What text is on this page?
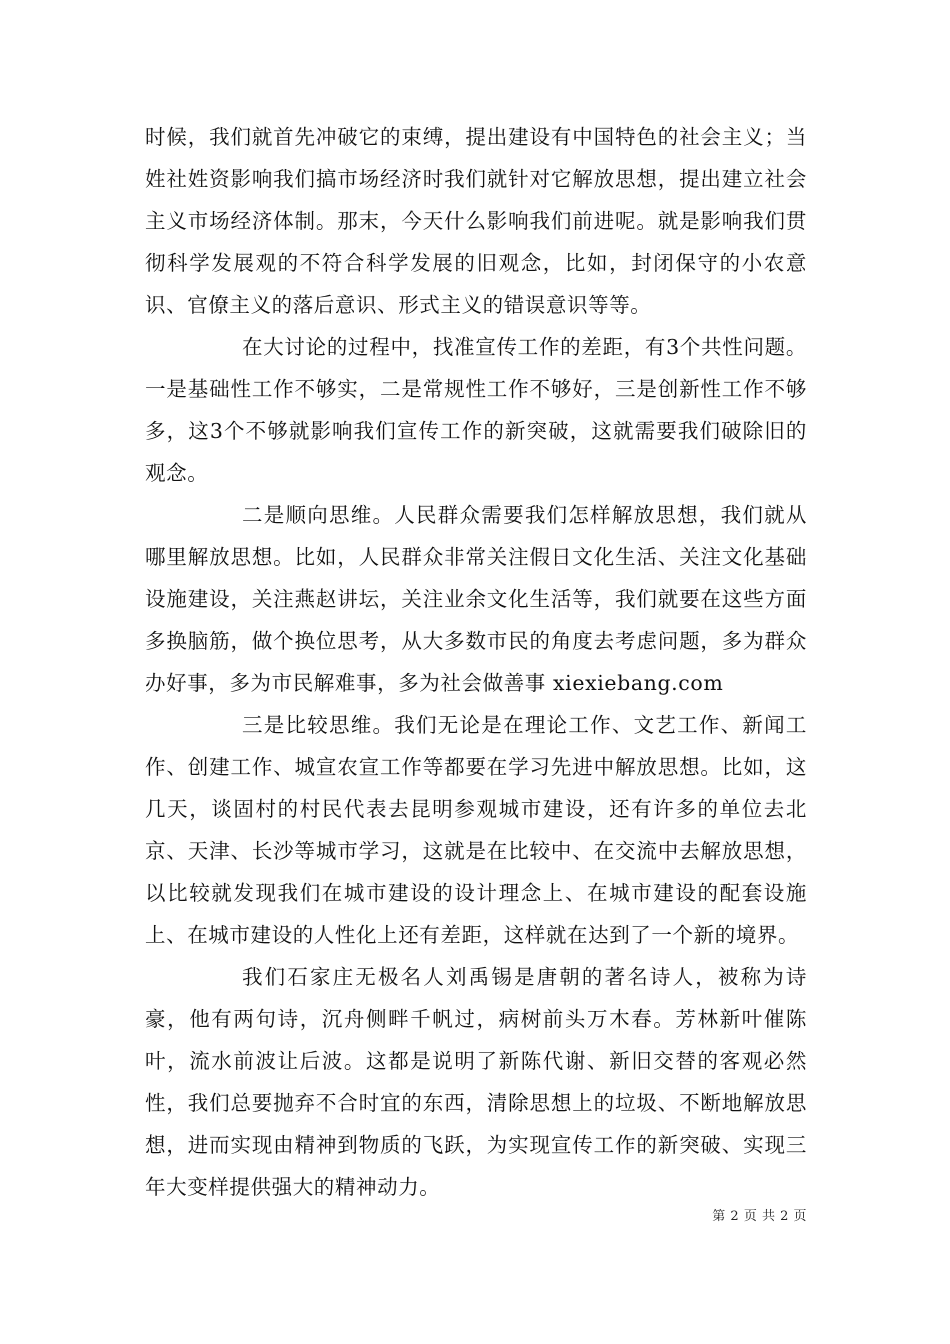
时候，我们就首先冲破它的束缚，提出建设有中国特色的社会主义；当姓社姓资影响我们搞市场经济时我们就针对它解放思想，提出建立社会主义市场经济体制。那末，今天什么影响我们前进呢。就是影响我们贯彻科学发展观的不符合科学发展的旧观念，比如，封闭保守的小农意识、官僚主义的落后意识、形式主义的错误意识等等。

在大讨论的过程中，找准宣传工作的差距，有3个共性问题。一是基础性工作不够实，二是常规性工作不够好，三是创新性工作不够多，这3个不够就影响我们宣传工作的新突破，这就需要我们破除旧的观念。

二是顺向思维。人民群众需要我们怎样解放思想，我们就从哪里解放思想。比如，人民群众非常关注假日文化生活、关注文化基础设施建设，关注燕赵讲坛，关注业余文化生活等，我们就要在这些方面多换脑筋，做个换位思考，从大多数市民的角度去考虑问题，多为群众办好事，多为市民解难事，多为社会做善事 xiexiebang.com

三是比较思维。我们无论是在理论工作、文艺工作、新闻工作、创建工作、城宣农宣工作等都要在学习先进中解放思想。比如，这几天，谈固村的村民代表去昆明参观城市建设，还有许多的单位去北京、天津、长沙等城市学习，这就是在比较中、在交流中去解放思想，以比较就发现我们在城市建设的设计理念上、在城市建设的配套设施上、在城市建设的人性化上还有差距，这样就在达到了一个新的境界。

我们石家庄无极名人刘禹锡是唐朝的著名诗人，被称为诗豪，他有两句诗，沉舟侧畔千帆过，病树前头万木春。芳林新叶催陈叶，流水前波让后波。这都是说明了新陈代谢、新旧交替的客观必然性，我们总要抛弃不合时宜的东西，清除思想上的垃圾、不断地解放思想，进而实现由精神到物质的飞跃，为实现宣传工作的新突破、实现三年大变样提供强大的精神动力。

第 2 页 共 2 页
